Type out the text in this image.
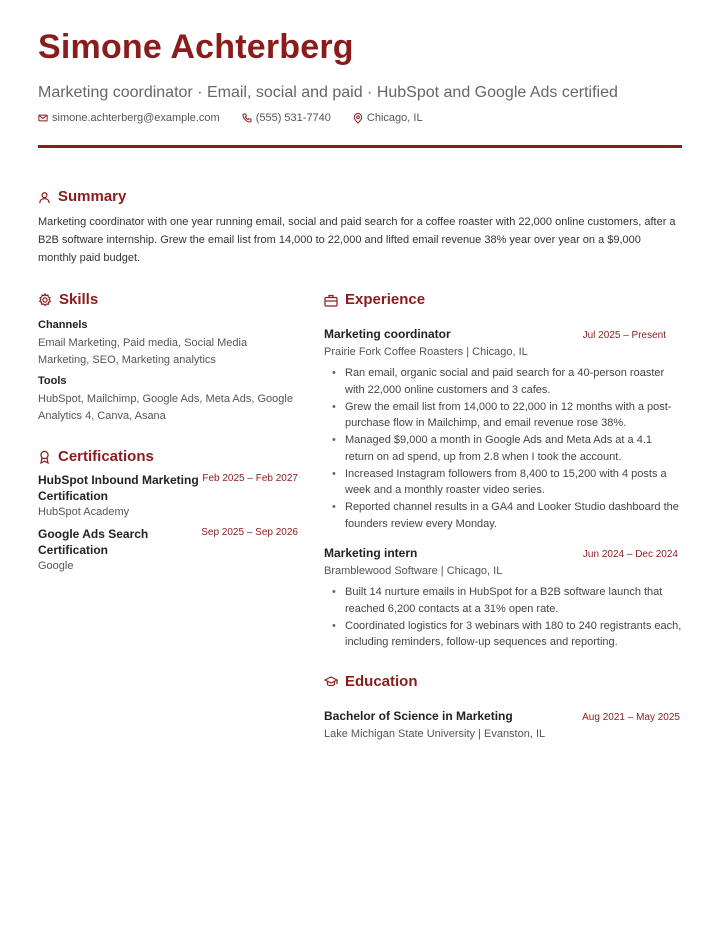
Simone Achterberg
Marketing coordinator · Email, social and paid · HubSpot and Google Ads certified
simone.achterberg@example.com	(555) 531-7740	Chicago, IL
Summary

Marketing coordinator with one year running email, social and paid search for a coffee roaster with 22,000 online customers, after a B2B software internship. Grew the email list from 14,000 to 22,000 and lifted email revenue 38% year over year on a $9,000 monthly paid budget.

Skills
Channels
Email Marketing, Paid media, Social Media Marketing, SEO, Marketing analytics
Tools
HubSpot, Mailchimp, Google Ads, Meta Ads, Google Analytics 4, Canva, Asana
Certifications
HubSpot Inbound Marketing Certification
Feb 2025 – Feb 2027
HubSpot Academy
Google Ads Search Certification
Sep 2025 – Sep 2026
Google
Experience
Marketing coordinator	Jul 2025 – Present
Prairie Fork Coffee Roasters | Chicago, IL
• Ran email, organic social and paid search for a 40-person roaster with 22,000 online customers and 3 cafes.
• Grew the email list from 14,000 to 22,000 in 12 months with a post-purchase flow in Mailchimp, and email revenue rose 38%.
• Managed $9,000 a month in Google Ads and Meta Ads at a 4.1 return on ad spend, up from 2.8 when I took the account.
• Increased Instagram followers from 8,400 to 15,200 with 4 posts a week and a monthly roaster video series.
• Reported channel results in a GA4 and Looker Studio dashboard the founders review every Monday.
Marketing intern	Jun 2024 – Dec 2024
Bramblewood Software | Chicago, IL
• Built 14 nurture emails in HubSpot for a B2B software launch that reached 6,200 contacts at a 31% open rate.
• Coordinated logistics for 3 webinars with 180 to 240 registrants each, including reminders, follow-up sequences and reporting.
Education
Bachelor of Science in Marketing	Aug 2021 – May 2025
Lake Michigan State University | Evanston, IL
